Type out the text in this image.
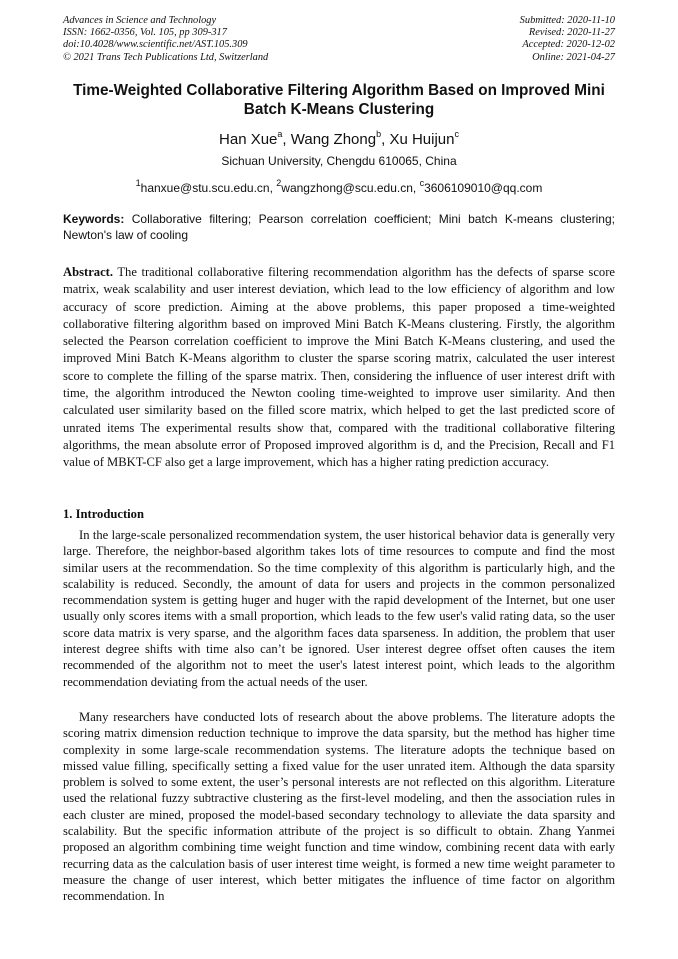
Advances in Science and Technology
ISSN: 1662-0356, Vol. 105, pp 309-317
doi:10.4028/www.scientific.net/AST.105.309
© 2021 Trans Tech Publications Ltd, Switzerland
Submitted: 2020-11-10
Revised: 2020-11-27
Accepted: 2020-12-02
Online: 2021-04-27
Time-Weighted Collaborative Filtering Algorithm Based on Improved Mini Batch K-Means Clustering
Han Xue$^a$, Wang Zhong$^b$, Xu Huijun$^c$
Sichuan University, Chengdu 610065, China
$^1$hanxue@stu.scu.edu.cn, $^2$wangzhong@scu.edu.cn, $^c$3606109010@qq.com
Keywords: Collaborative filtering; Pearson correlation coefficient; Mini batch K-means clustering; Newton's law of cooling
Abstract. The traditional collaborative filtering recommendation algorithm has the defects of sparse score matrix, weak scalability and user interest deviation, which lead to the low efficiency of algorithm and low accuracy of score prediction. Aiming at the above problems, this paper proposed a time-weighted collaborative filtering algorithm based on improved Mini Batch K-Means clustering. Firstly, the algorithm selected the Pearson correlation coefficient to improve the Mini Batch K-Means clustering, and used the improved Mini Batch K-Means algorithm to cluster the sparse scoring matrix, calculated the user interest score to complete the filling of the sparse matrix. Then, considering the influence of user interest drift with time, the algorithm introduced the Newton cooling time-weighted to improve user similarity. And then calculated user similarity based on the filled score matrix, which helped to get the last predicted score of unrated items The experimental results show that, compared with the traditional collaborative filtering algorithms, the mean absolute error of Proposed improved algorithm is d, and the Precision, Recall and F1 value of MBKT-CF also get a large improvement, which has a higher rating prediction accuracy.
1. Introduction
In the large-scale personalized recommendation system, the user historical behavior data is generally very large. Therefore, the neighbor-based algorithm takes lots of time resources to compute and find the most similar users at the recommendation. So the time complexity of this algorithm is particularly high, and the scalability is reduced. Secondly, the amount of data for users and projects in the common personalized recommendation system is getting huger and huger with the rapid development of the Internet, but one user usually only scores items with a small proportion, which leads to the few user's valid rating data, so the user score data matrix is very sparse, and the algorithm faces data sparseness. In addition, the problem that user interest degree shifts with time also can’t be ignored. User interest degree offset often causes the item recommended of the algorithm not to meet the user's latest interest point, which leads to the algorithm recommendation deviating from the actual needs of the user.
Many researchers have conducted lots of research about the above problems. The literature adopts the scoring matrix dimension reduction technique to improve the data sparsity, but the method has higher time complexity in some large-scale recommendation systems. The literature adopts the technique based on missed value filling, specifically setting a fixed value for the user unrated item. Although the data sparsity problem is solved to some extent, the user’s personal interests are not reflected on this algorithm. Literature used the relational fuzzy subtractive clustering as the first-level modeling, and then the association rules in each cluster are mined, proposed the model-based secondary technology to alleviate the data sparsity and scalability. But the specific information attribute of the project is so difficult to obtain. Zhang Yanmei proposed an algorithm combining time weight function and time window, combining recent data with early recurring data as the calculation basis of user interest time weight, is formed a new time weight parameter to measure the change of user interest, which better mitigates the influence of time factor on algorithm recommendation. In
